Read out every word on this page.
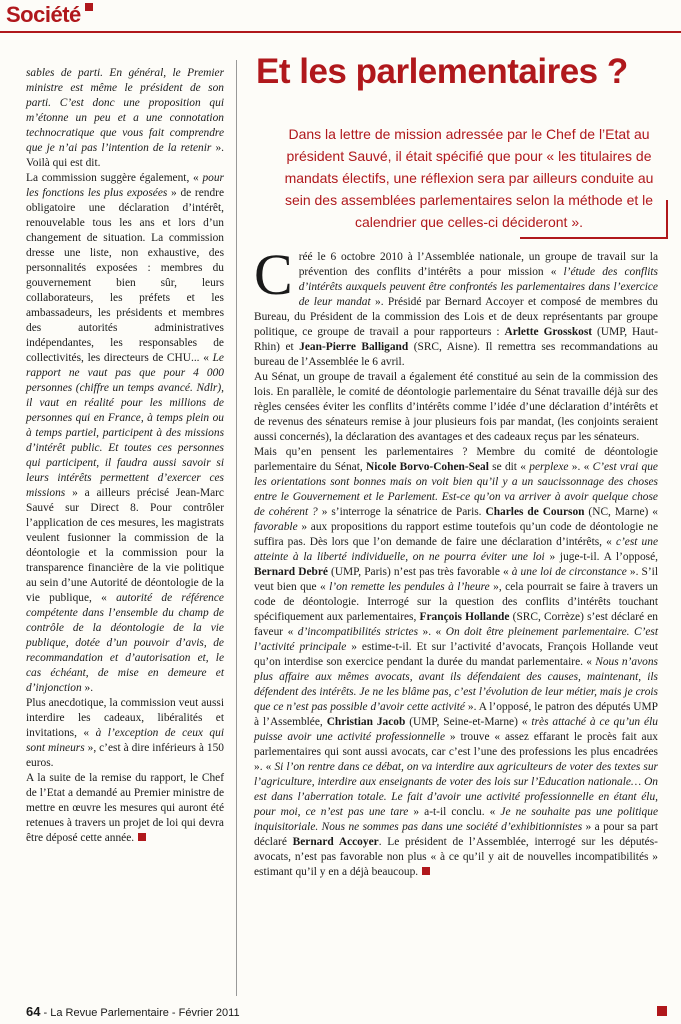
Société

sables de parti. En général, le Premier ministre est même le président de son parti. C’est donc une proposition qui m’étonne un peu et a une connotation technocratique que vous fait comprendre que je n’ai pas l’intention de la retenir ». Voilà qui est dit.

La commission suggère également, « pour les fonctions les plus exposées » de rendre obligatoire une déclaration d’intérêt, renouvelable tous les ans et lors d’un changement de situation. La commission dresse une liste, non exhaustive, des personnalités exposées : membres du gouvernement bien sûr, leurs collaborateurs, les préfets et les ambassadeurs, les présidents et membres des autorités administratives indépendantes, les responsables de collectivités, les directeurs de CHU... « Le rapport ne vaut pas que pour 4 000 personnes (chiffre un temps avancé. Ndlr), il vaut en réalité pour les millions de personnes qui en France, à temps plein ou à temps partiel, participent à des missions d’intérêt public. Et toutes ces personnes qui participent, il faudra aussi savoir si leurs intérêts permettent d’exercer ces missions » a ailleurs précisé Jean-Marc Sauvé sur Direct 8. Pour contrôler l’application de ces mesures, les magistrats veulent fusionner la commission de la déontologie et la commission pour la transparence financière de la vie politique au sein d’une Autorité de déontologie de la vie publique, « autorité de référence compétente dans l’ensemble du champ de contrôle de la déontologie de la vie publique, dotée d’un pouvoir d’avis, de recommandation et d’autorisation et, le cas échéant, de mise en demeure et d’injonction ».

Plus anecdotique, la commission veut aussi interdire les cadeaux, libéralités et invitations, « à l’exception de ceux qui sont mineurs », c’est à dire inférieurs à 150 euros.

A la suite de la remise du rapport, le Chef de l’Etat a demandé au Premier ministre de mettre en œuvre les mesures qui auront été retenues à travers un projet de loi qui devra être déposé cette année.

Et les parlementaires ?
Dans la lettre de mission adressée par le Chef de l’Etat au président Sauvé, il était spécifié que pour « les titulaires de mandats électifs, une réflexion sera par ailleurs conduite au sein des assemblées parlementaires selon la méthode et le calendrier que celles-ci décideront ».

Créé le 6 octobre 2010 à l’Assemblée nationale, un groupe de travail sur la prévention des conflits d’intérêts a pour mission « l’étude des conflits d’intérêts auxquels peuvent être confrontés les parlementaires dans l’exercice de leur mandat ». Présidé par Bernard Accoyer et composé de membres du Bureau, du Président de la commission des Lois et de deux représentants par groupe politique, ce groupe de travail a pour rapporteurs : Arlette Grosskost (UMP, Haut-Rhin) et Jean-Pierre Balligand (SRC, Aisne). Il remettra ses recommandations au bureau de l’Assemblée le 6 avril.

Au Sénat, un groupe de travail a également été constitué au sein de la commission des lois. En parallèle, le comité de déontologie parlementaire du Sénat travaille déjà sur des règles censées éviter les conflits d’intérêts comme l’idée d’une déclaration d’intérêts et de revenus des sénateurs remise à jour plusieurs fois par mandat, (les conjoints seraient aussi concernés), la déclaration des avantages et des cadeaux reçus par les sénateurs.

Mais qu’en pensent les parlementaires ? Membre du comité de déontologie parlementaire du Sénat, Nicole Borvo-Cohen-Seal se dit « perplexe ». « C’est vrai que les orientations sont bonnes mais on voit bien qu’il y a un saucissonnage des choses entre le Gouvernement et le Parlement. Est-ce qu’on va arriver à avoir quelque chose de cohérent ? » s’interroge la sénatrice de Paris. Charles de Courson (NC, Marne) « favorable » aux propositions du rapport estime toutefois qu’un code de déontologie ne suffira pas. Dès lors que l’on demande de faire une déclaration d’intérêts, « c’est une atteinte à la liberté individuelle, on ne pourra éviter une loi » juge-t-il. A l’opposé, Bernard Debré (UMP, Paris) n’est pas très favorable « à une loi de circonstance ». S’il veut bien que « l’on remette les pendules à l’heure », cela pourrait se faire à travers un code de déontologie. Interrogé sur la question des conflits d’intérêts touchant spécifiquement aux parlementaires, François Hollande (SRC, Corrèze) s’est déclaré en faveur « d’incompatibilités strictes ». « On doit être pleinement parlementaire. C’est l’activité principale » estime-t-il. Et sur l’activité d’avocats, François Hollande veut qu’on interdise son exercice pendant la durée du mandat parlementaire. « Nous n’avons plus affaire aux mêmes avocats, avant ils défendaient des causes, maintenant, ils défendent des intérêts. Je ne les blâme pas, c’est l’évolution de leur métier, mais je crois que ce n’est pas possible d’avoir cette activité ». A l’opposé, le patron des députés UMP à l’Assemblée, Christian Jacob (UMP, Seine-et-Marne) « très attaché à ce qu’un élu puisse avoir une activité professionnelle » trouve « assez effarant le procès fait aux parlementaires qui sont aussi avocats, car c’est l’une des professions les plus encadrées ». « Si l’on rentre dans ce débat, on va interdire aux agriculteurs de voter des textes sur l’agriculture, interdire aux enseignants de voter des lois sur l’Education nationale… On est dans l’aberration totale. Le fait d’avoir une activité professionnelle en étant élu, pour moi, ce n’est pas une tare » a-t-il conclu. « Je ne souhaite pas une politique inquisitoriale. Nous ne sommes pas dans une société d’exhibitionnistes » a pour sa part déclaré Bernard Accoyer. Le président de l’Assemblée, interrogé sur les députés-avocats, n’est pas favorable non plus « à ce qu’il y ait de nouvelles incompatibilités » estimant qu’il y en a déjà beaucoup.

64 - La Revue Parlementaire - Février 2011
